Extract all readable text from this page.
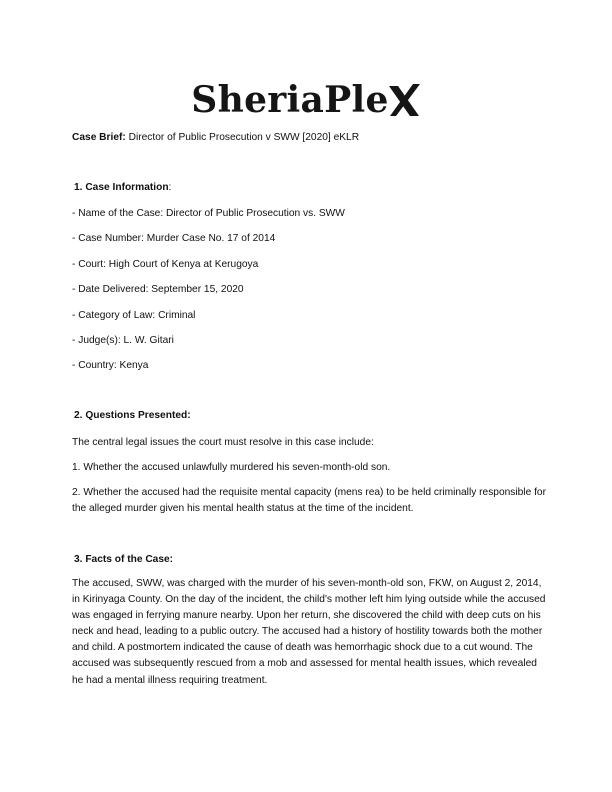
SheriaPle
Case Brief: Director of Public Prosecution v SWW [2020] eKLR
1. Case Information:
- Name of the Case: Director of Public Prosecution vs. SWW
- Case Number: Murder Case No. 17 of 2014
- Court: High Court of Kenya at Kerugoya
- Date Delivered: September 15, 2020
- Category of Law: Criminal
- Judge(s): L. W. Gitari
- Country: Kenya
2. Questions Presented:
The central legal issues the court must resolve in this case include:
1. Whether the accused unlawfully murdered his seven-month-old son.

2. Whether the accused had the requisite mental capacity (mens rea) to be held criminally responsible for the alleged murder given his mental health status at the time of the incident.

3. Facts of the Case:

The accused, SWW, was charged with the murder of his seven-month-old son, FKW, on August 2, 2014, in Kirinyaga County. On the day of the incident, the child's mother left him lying outside while the accused was engaged in ferrying manure nearby. Upon her return, she discovered the child with deep cuts on his neck and head, leading to a public outcry. The accused had a history of hostility towards both the mother and child. A postmortem indicated the cause of death was hemorrhagic shock due to a cut wound. The accused was subsequently rescued from a mob and assessed for mental health issues, which revealed he had a mental illness requiring treatment.
